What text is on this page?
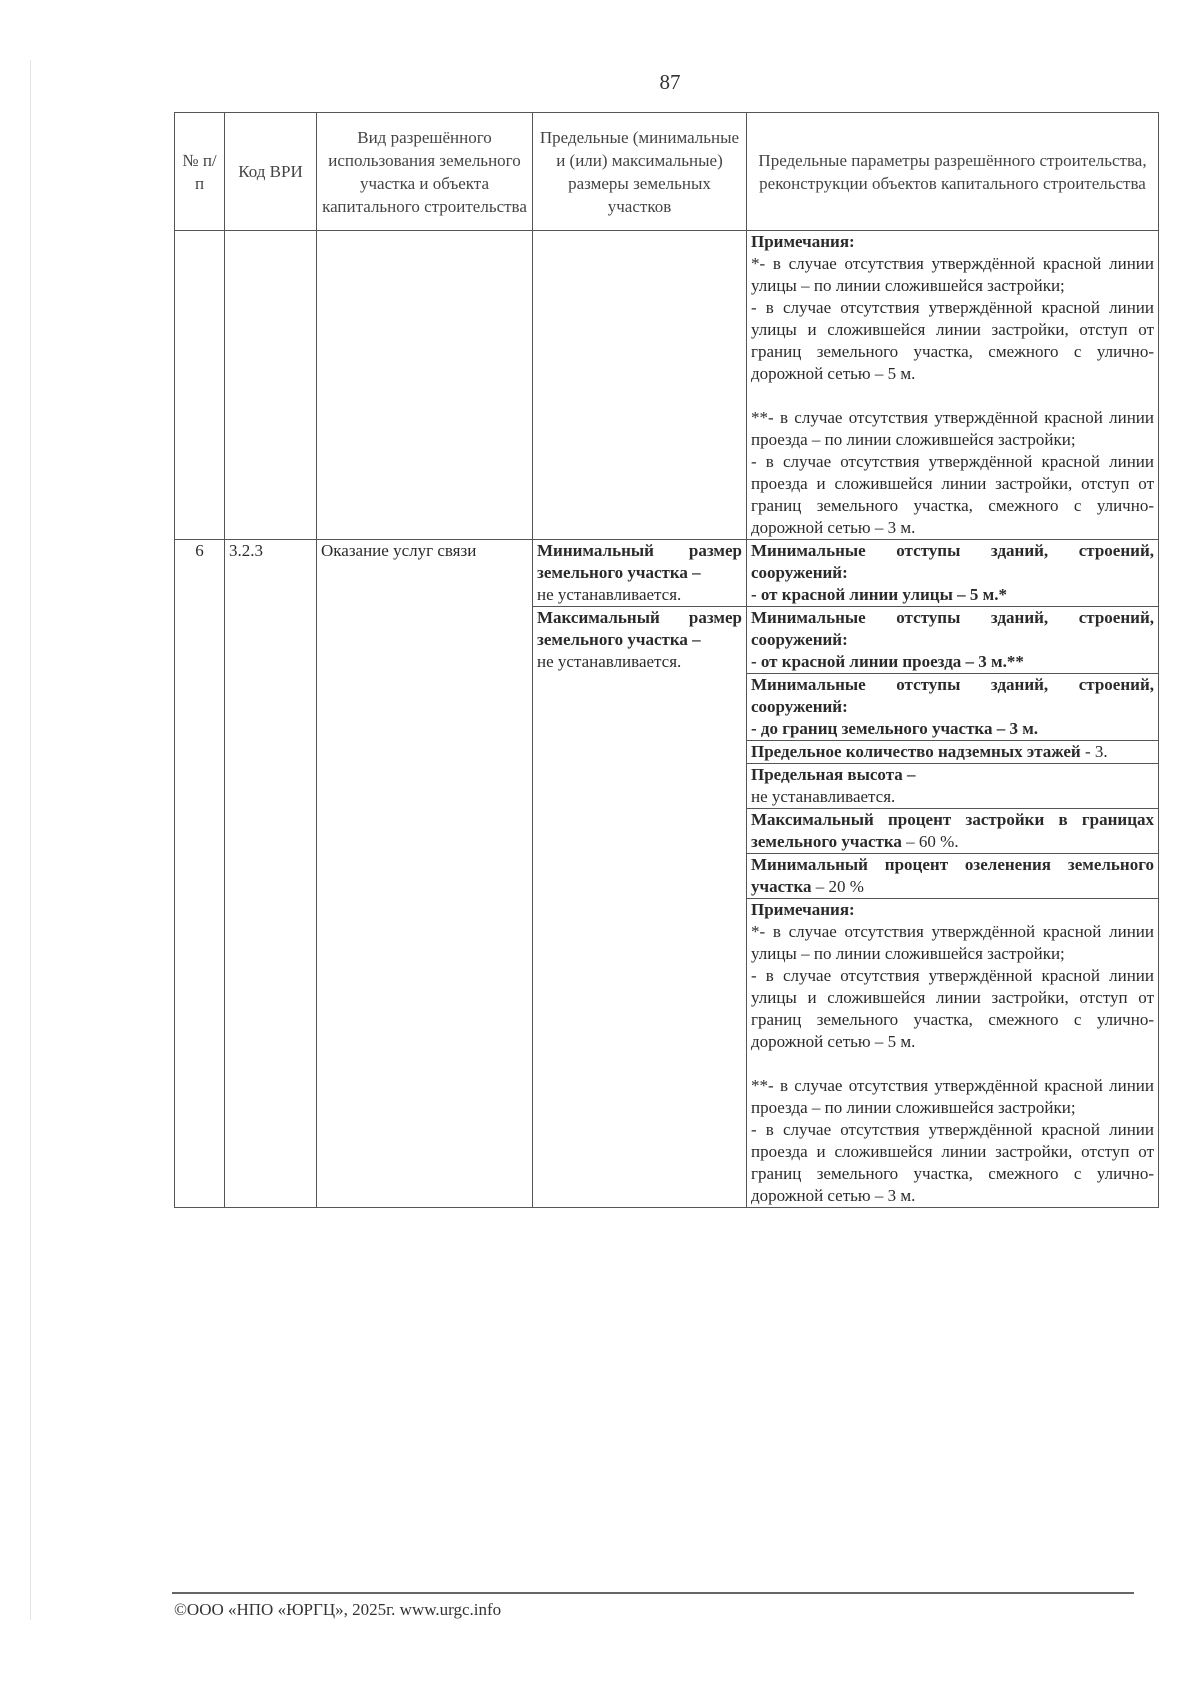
87
№ п/п	Код ВРИ	Вид разрешённого использования земельного участка и объекта капитального строительства	Предельные (минимальные и (или) максимальные) размеры земельных участков	Предельные параметры разрешённого строительства, реконструкции объектов капитального строительства

				Примечания:
*- в случае отсутствия утверждённой красной линии улицы – по линии сложившейся застройки;
- в случае отсутствия утверждённой красной линии улицы и сложившейся линии застройки, отступ от границ земельного участка, смежного с улично-дорожной сетью – 5 м.
**- в случае отсутствия утверждённой красной линии проезда – по линии сложившейся застройки;
- в случае отсутствия утверждённой красной линии проезда и сложившейся линии застройки, отступ от границ земельного участка, смежного с улично-дорожной сетью – 3 м.

6	3.2.3	Оказание услуг связи	Минимальный размер земельного участка –
не устанавливается.	Минимальные отступы зданий, строений, сооружений:
- от красной линии улицы – 5 м.*
			Максимальный размер земельного участка –
не устанавливается.	Минимальные отступы зданий, строений, сооружений:
- от красной линии проезда – 3 м.**
				Минимальные отступы зданий, строений, сооружений:
- до границ земельного участка – 3 м.
				Предельное количество надземных этажей - 3.
				Предельная высота –
не устанавливается.
				Максимальный процент застройки в границах земельного участка – 60 %.
				Минимальный процент озеленения земельного участка – 20 %

				Примечания:
*- в случае отсутствия утверждённой красной линии улицы – по линии сложившейся застройки;
- в случае отсутствия утверждённой красной линии улицы и сложившейся линии застройки, отступ от границ земельного участка, смежного с улично-дорожной сетью – 5 м.
**- в случае отсутствия утверждённой красной линии проезда – по линии сложившейся застройки;
- в случае отсутствия утверждённой красной линии проезда и сложившейся линии застройки, отступ от границ земельного участка, смежного с улично-дорожной сетью – 3 м.
©ООО «НПО «ЮРГЦ», 2025г. www.urgc.info
